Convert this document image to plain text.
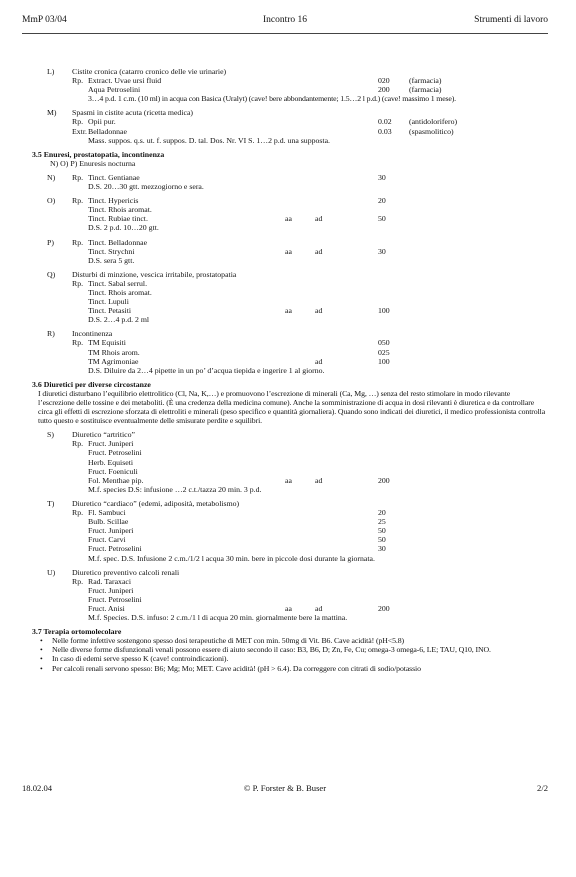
MmP 03/04	Incontro 16	Strumenti di lavoro
L) Cistite cronica (catarro cronico delle vie urinarie)
Rp. Extract. Uvae ursi fluid	020 (farmacia)
Aqua Petroselini	200 (farmacia)
3…4 p.d. 1 c.m. (10 ml) in acqua con Basica (Uralyt) (cave! bere abbondantemente; 1.5…2 l p.d.) (cave! massimo 1 mese).
M) Spasmi in cistite acuta (ricetta medica)
Rp. Opii pur.	0.02 (antidolorifero)
Extr. Belladonnae	0.03 (spasmolitico)
Mass. suppos. q.s. ut. f. suppos. D. tal. Dos. Nr. VI S. 1…2 p.d. una supposta.
3.5 Enuresi, prostatopatia, incontinenza
N) O) P) Enuresis nocturna
N) Rp. Tinct. Gentianae	30
D.S. 20…30 gtt. mezzogiorno e sera.
O) Rp. Tinct. Hypericis	20
Tinct. Rhois aromat.
Tinct. Rubiae tinct.	aa	ad	50
D.S. 2 p.d. 10…20 gtt.
P) Rp. Tinct. Belladonnae
Tinct. Strychni	aa	ad	30
D.S. sera 5 gtt.
Q) Disturbi di minzione, vescica irritabile, prostatopatia
Rp. Tinct. Sabal serrul.
Tinct. Rhois aromat.
Tinct. Lupuli
Tinct. Petasiti	aa	ad	100
D.S. 2…4 p.d. 2 ml
R) Incontinenza
Rp. TM Equisiti	050
TM Rhois arom.	025
TM Agrimoniae	ad	100
D.S. Diluire da 2…4 pipette in un po’ d’acqua tiepida e ingerire 1 al giorno.
3.6 Diuretici per diverse circostanze

I diuretici disturbano l’equilibrio elettrolitico (Cl, Na, K,…) e promuovono l’escrezione di minerali (Ca, Mg, …) senza del resto stimolare in modo rilevante l’escrezione delle tossine e dei metaboliti. (È una credenza della medicina comune). Anche la somministrazione di acqua in dosi rilevanti è diuretica e da controllare circa gli effetti di escrezione sforzata di elettroliti e minerali (peso specifico e quantità giornaliera). Quando sono indicati dei diuretici, il medico professionista controlla tutto questo e sostituisce eventualmente delle smisurate perdite e squilibri.

S) Diuretico “artritico”
Rp. Fruct. Juniperi
Fruct. Petroselini
Herb. Equiseti
Fruct. Foeniculi
Fol. Menthae pip.	aa	ad	200
M.f. species D.S: infusione …2 c.t./tazza 20 min. 3 p.d.
T) Diuretico “cardiaco” (edemi, adiposità, metabolismo)
Rp. Fl. Sambuci	20
Bulb. Scillae	25
Fruct. Juniperi	50
Fruct. Carvi	50
Fruct. Petroselini	30
M.f. spec. D.S. Infusione 2 c.m./1/2 l acqua 30 min. bere in piccole dosi durante la giornata.
U) Diuretico preventivo calcoli renali
Rp. Rad. Taraxaci
Fruct. Juniperi
Fruct. Petroselini
Fruct. Anisi	aa	ad	200
M.f. Species. D.S. infuso: 2 c.m./1 l di acqua 20 min. giornalmente bere la mattina.
3.7 Terapia ortomolecolare
• Nelle forme infettive sostengono spesso dosi terapeutiche di MET con min. 50mg di Vit. B6. Cave acidità! (pH<5.8)
• Nelle diverse forme disfunzionali venali possono essere di aiuto secondo il caso: B3, B6, D; Zn, Fe, Cu; omega-3 omega-6, LE; TAU, Q10, INO.
• In caso di edemi serve spesso K (cave! controindicazioni).
• Per calcoli renali servono spesso: B6; Mg; Mo; MET. Cave acidità! (pH > 6.4). Da correggere con citrati di sodio/potassio
18.02.04	© P. Forster & B. Buser	2/2
